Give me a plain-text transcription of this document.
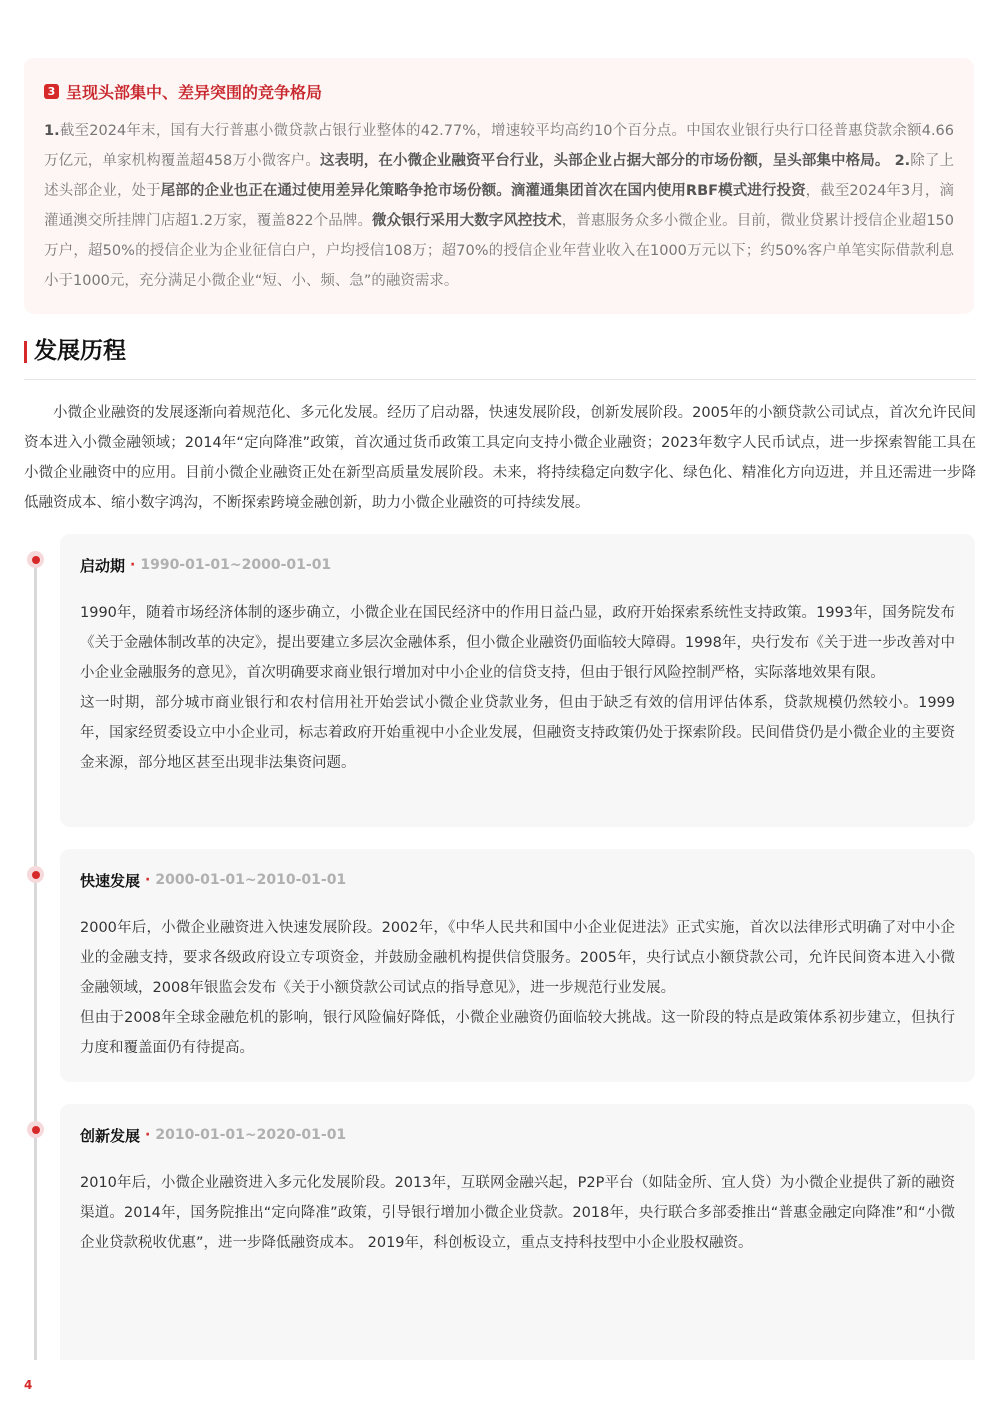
3 呈现头部集中、差异突围的竞争格局
1.截至2024年末，国有大行普惠小微贷款占银行业整体的42.77%，增速较平均高约10个百分点。中国农业银行央行口径普惠贷款余额4.66万亿元，单家机构覆盖超458万小微客户。这表明，在小微企业融资平台行业，头部企业占据大部分的市场份额，呈头部集中格局。 2.除了上述头部企业，处于尾部的企业也正在通过使用差异化策略争抢市场份额。滴灌通集团首次在国内使用RBF模式进行投资，截至2024年3月，滴灌通澳交所挂牌门店超1.2万家，覆盖822个品牌。微众银行采用大数字风控技术，普惠服务众多小微企业。目前，微业贷累计授信企业超150万户，超50%的授信企业为企业征信白户，户均授信108万；超70%的授信企业年营业收入在1000万元以下；约50%客户单笔实际借款利息小于1000元，充分满足小微企业“短、小、频、急”的融资需求。
发展历程
小微企业融资的发展逐渐向着规范化、多元化发展。经历了启动器，快速发展阶段，创新发展阶段。2005年的小额贷款公司试点，首次允许民间资本进入小微金融领域；2014年“定向降准”政策，首次通过货币政策工具定向支持小微企业融资；2023年数字人民币试点，进一步探索智能工具在小微企业融资中的应用。目前小微企业融资正处在新型高质量发展阶段。未来，将持续稳定向数字化、绿色化、精准化方向迈进，并且还需进一步降低融资成本、缩小数字鸿沟，不断探索跨境金融创新，助力小微企业融资的可持续发展。
启动期 · 1990-01-01~2000-01-01

1990年，随着市场经济体制的逐步确立，小微企业在国民经济中的作用日益凸显，政府开始探索系统性支持政策。1993年，国务院发布《关于金融体制改革的决定》，提出要建立多层次金融体系，但小微企业融资仍面临较大障碍。1998年，央行发布《关于进一步改善对中小企业金融服务的意见》，首次明确要求商业银行增加对中小企业的信贷支持，但由于银行风险控制严格，实际落地效果有限。

这一时期，部分城市商业银行和农村信用社开始尝试小微企业贷款业务，但由于缺乏有效的信用评估体系，贷款规模仍然较小。1999年，国家经贸委设立中小企业司，标志着政府开始重视中小企业发展，但融资支持政策仍处于探索阶段。民间借贷仍是小微企业的主要资金来源，部分地区甚至出现非法集资问题。

快速发展 · 2000-01-01~2010-01-01

2000年后，小微企业融资进入快速发展阶段。2002年，《中华人民共和国中小企业促进法》正式实施，首次以法律形式明确了对中小企业的金融支持，要求各级政府设立专项资金，并鼓励金融机构提供信贷服务。2005年，央行试点小额贷款公司，允许民间资本进入小微金融领域，2008年银监会发布《关于小额贷款公司试点的指导意见》，进一步规范行业发展。

但由于2008年全球金融危机的影响，银行风险偏好降低，小微企业融资仍面临较大挑战。这一阶段的特点是政策体系初步建立，但执行力度和覆盖面仍有待提高。

创新发展 · 2010-01-01~2020-01-01

2010年后，小微企业融资进入多元化发展阶段。2013年，互联网金融兴起，P2P平台（如陆金所、宜人贷）为小微企业提供了新的融资渠道。2014年，国务院推出“定向降准”政策，引导银行增加小微企业贷款。2018年，央行联合多部委推出“普惠金融定向降准”和“小微企业贷款税收优惠”，进一步降低融资成本。 2019年，科创板设立，重点支持科技型中小企业股权融资。

4
